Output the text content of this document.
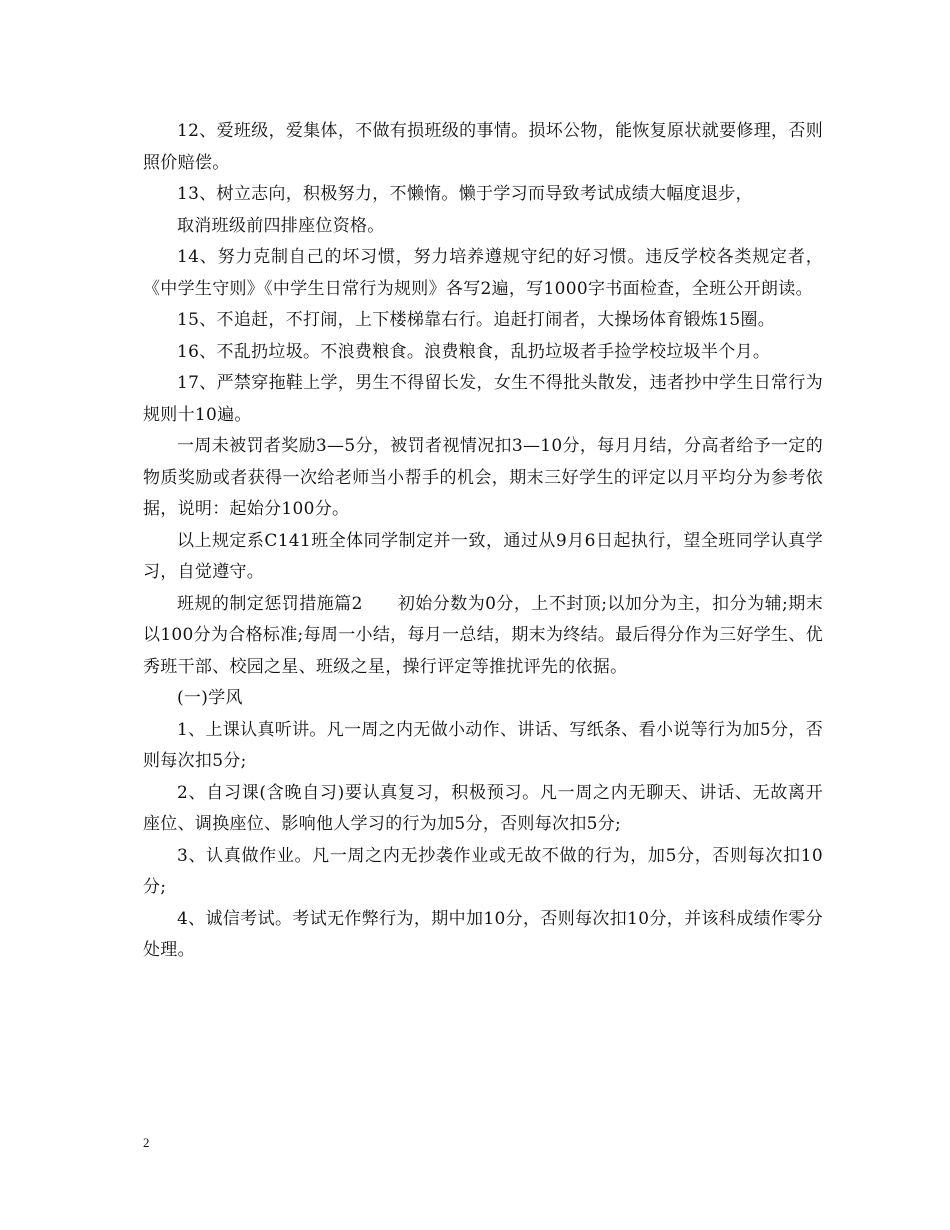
12、爱班级，爱集体，不做有损班级的事情。损坏公物，能恢复原状就要修理，否则照价赔偿。

13、树立志向，积极努力，不懒惰。懒于学习而导致考试成绩大幅度退步，

取消班级前四排座位资格。

14、努力克制自己的坏习惯，努力培养遵规守纪的好习惯。违反学校各类规定者，《中学生守则》《中学生日常行为规则》各写2遍，写1000字书面检查，全班公开朗读。

15、不追赶，不打闹，上下楼梯靠右行。追赶打闹者，大操场体育锻炼15圈。

16、不乱扔垃圾。不浪费粮食。浪费粮食，乱扔垃圾者手捡学校垃圾半个月。

17、严禁穿拖鞋上学，男生不得留长发，女生不得批头散发，违者抄中学生日常行为规则十10遍。

一周未被罚者奖励3—5分，被罚者视情况扣3—10分，每月月结，分高者给予一定的物质奖励或者获得一次给老师当小帮手的机会，期末三好学生的评定以月平均分为参考依据，说明：起始分100分。

以上规定系C141班全体同学制定并一致，通过从9月6日起执行，望全班同学认真学习，自觉遵守。

班规的制定惩罚措施篇2　　初始分数为0分，上不封顶;以加分为主，扣分为辅;期末以100分为合格标准;每周一小结，每月一总结，期末为终结。最后得分作为三好学生、优秀班干部、校园之星、班级之星，操行评定等推扰评先的依据。

(一)学风

1、上课认真听讲。凡一周之内无做小动作、讲话、写纸条、看小说等行为加5分，否则每次扣5分;

2、自习课(含晚自习)要认真复习，积极预习。凡一周之内无聊天、讲话、无故离开座位、调换座位、影响他人学习的行为加5分，否则每次扣5分;

3、认真做作业。凡一周之内无抄袭作业或无故不做的行为，加5分，否则每次扣10分;

4、诚信考试。考试无作弊行为，期中加10分，否则每次扣10分，并该科成绩作零分处理。

2
